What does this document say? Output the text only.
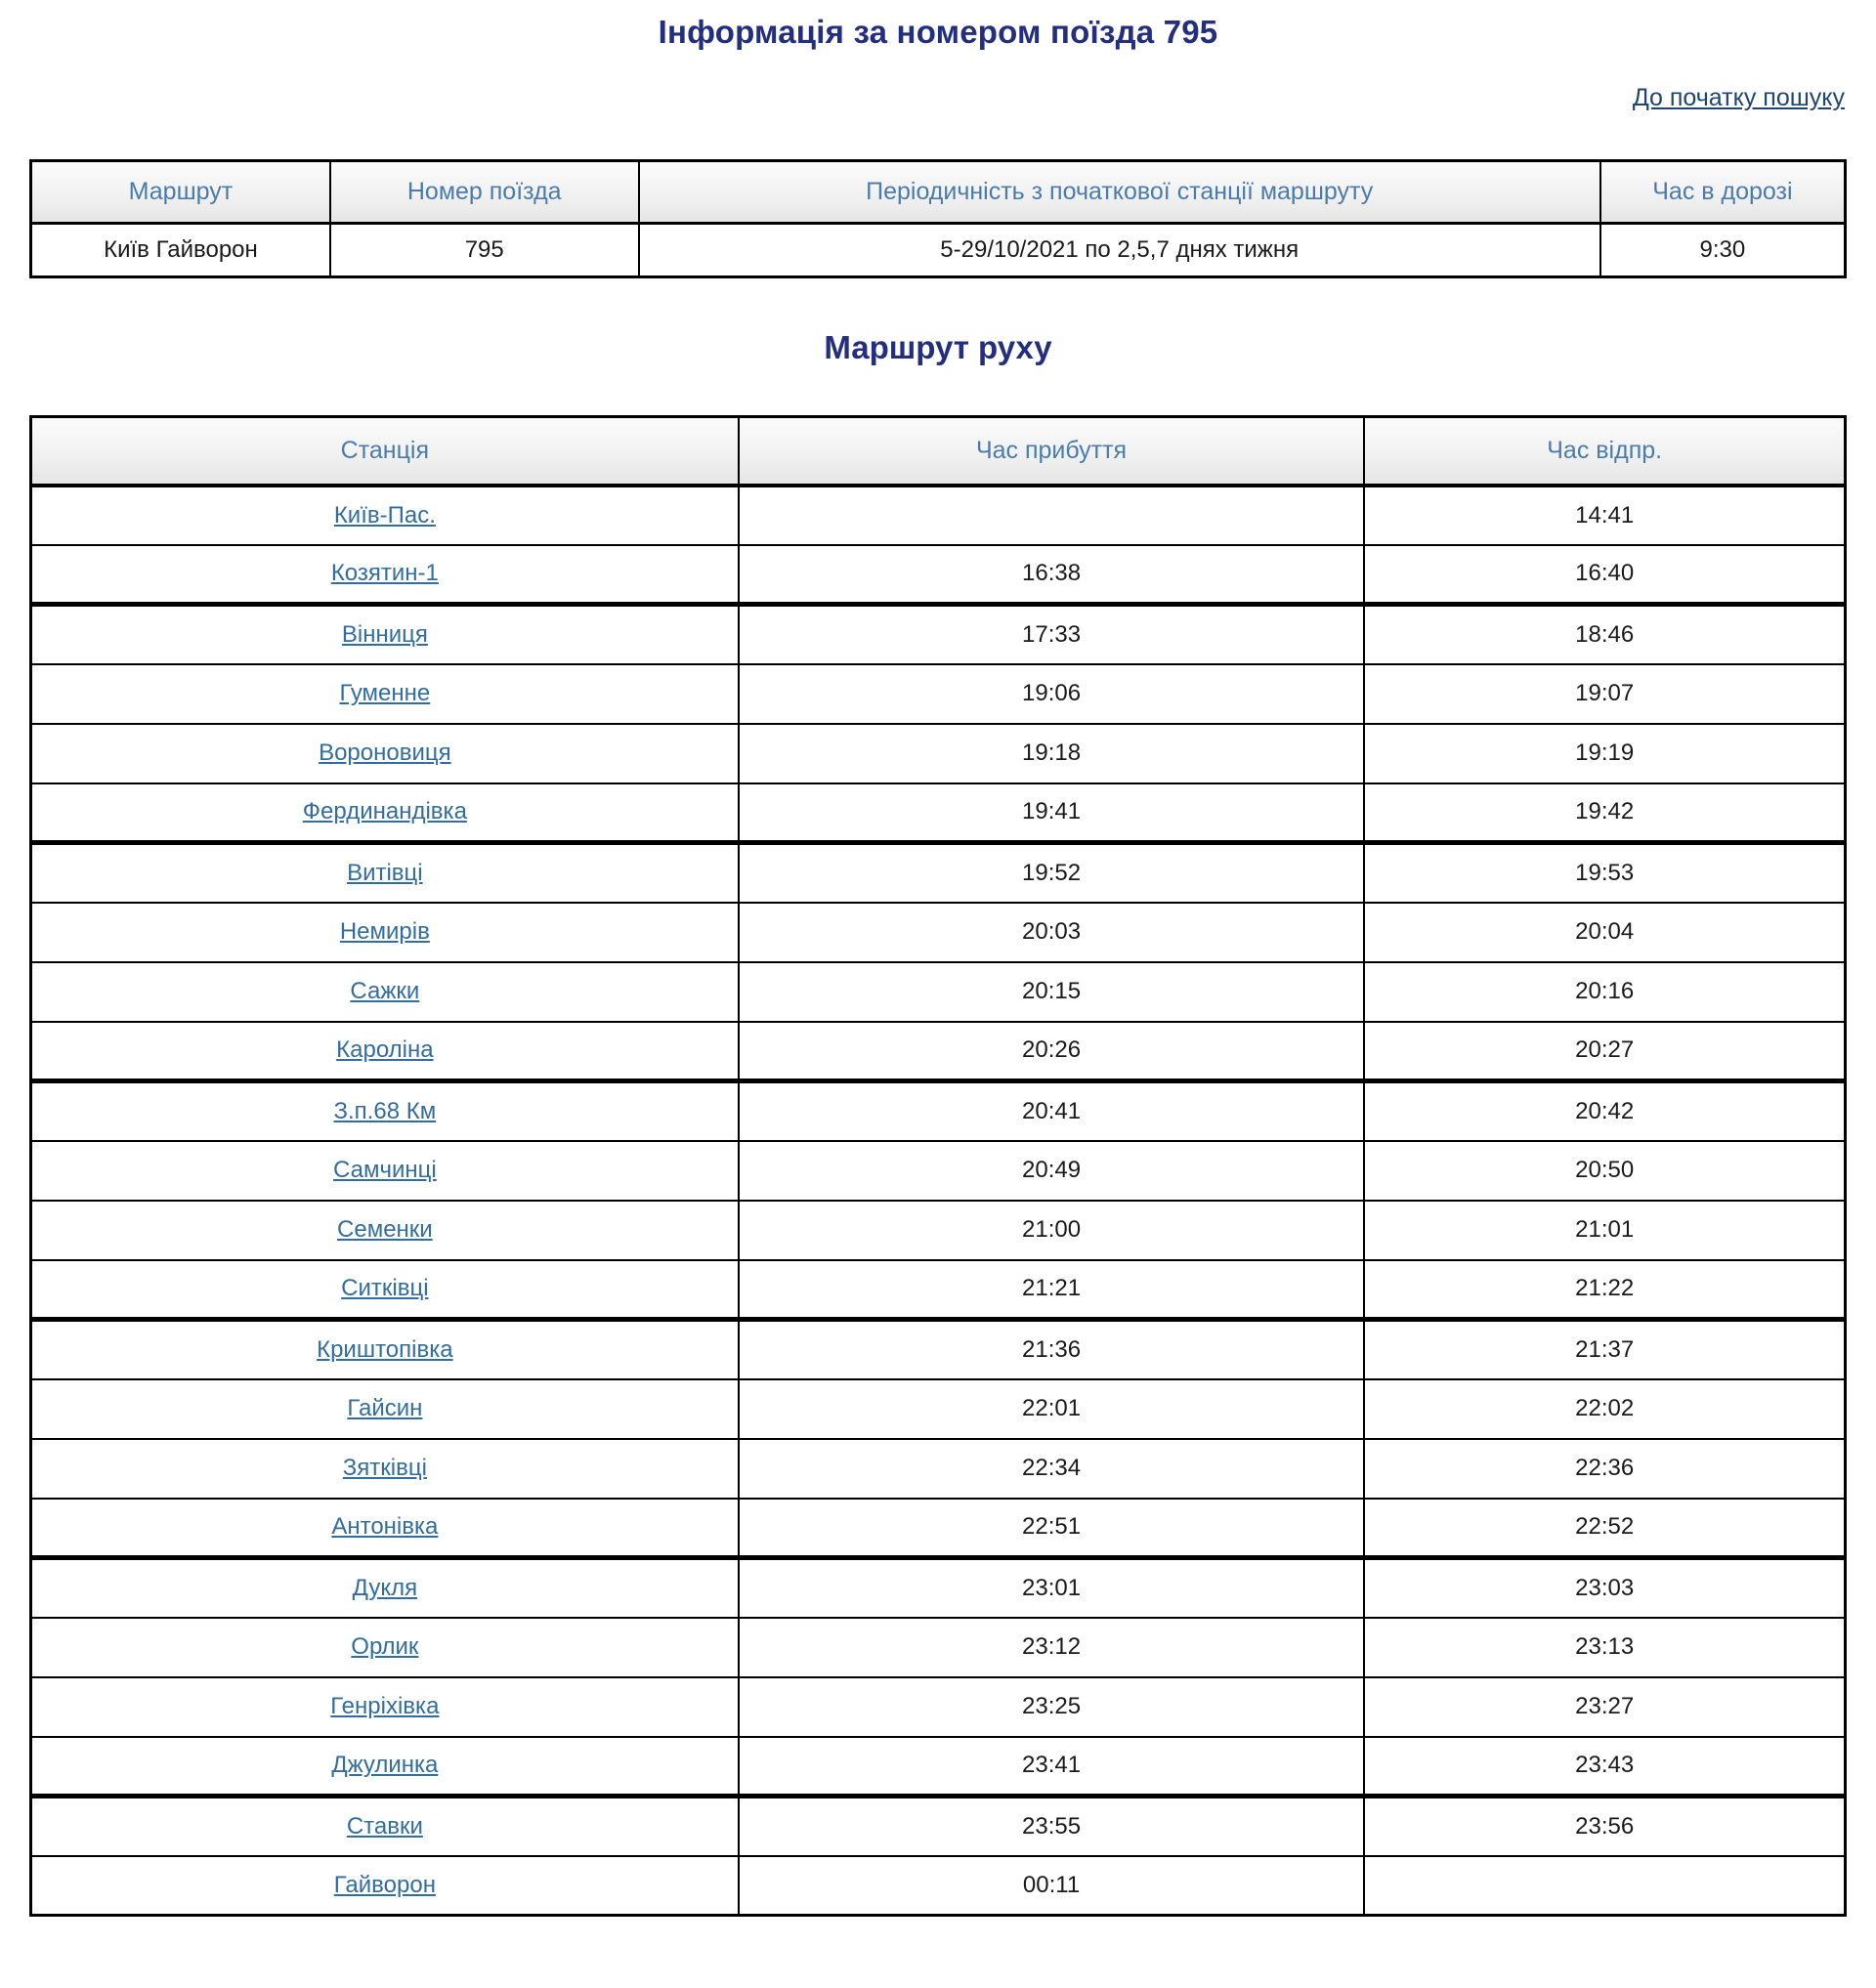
Інформація за номером поїзда 795
До початку пошуку
Маршрут	Номер поїзда	Періодичність з початкової станції маршруту	Час в дорозі
Київ Гайворон	795	5-29/10/2021 по 2,5,7 днях тижня	9:30
Маршрут руху
Станція	Час прибуття	Час відпр.
Київ-Пас.		14:41
Козятин-1	16:38	16:40
Вінниця	17:33	18:46
Гуменне	19:06	19:07
Вороновиця	19:18	19:19
Фердинандівка	19:41	19:42
Витівці	19:52	19:53
Немирів	20:03	20:04
Сажки	20:15	20:16
Кароліна	20:26	20:27
З.п.68 Км	20:41	20:42
Самчинці	20:49	20:50
Семенки	21:00	21:01
Ситківці	21:21	21:22
Криштопівка	21:36	21:37
Гайсин	22:01	22:02
Зятківці	22:34	22:36
Антонівка	22:51	22:52
Дукля	23:01	23:03
Орлик	23:12	23:13
Генріхівка	23:25	23:27
Джулинка	23:41	23:43
Ставки	23:55	23:56
Гайворон	00:11	
